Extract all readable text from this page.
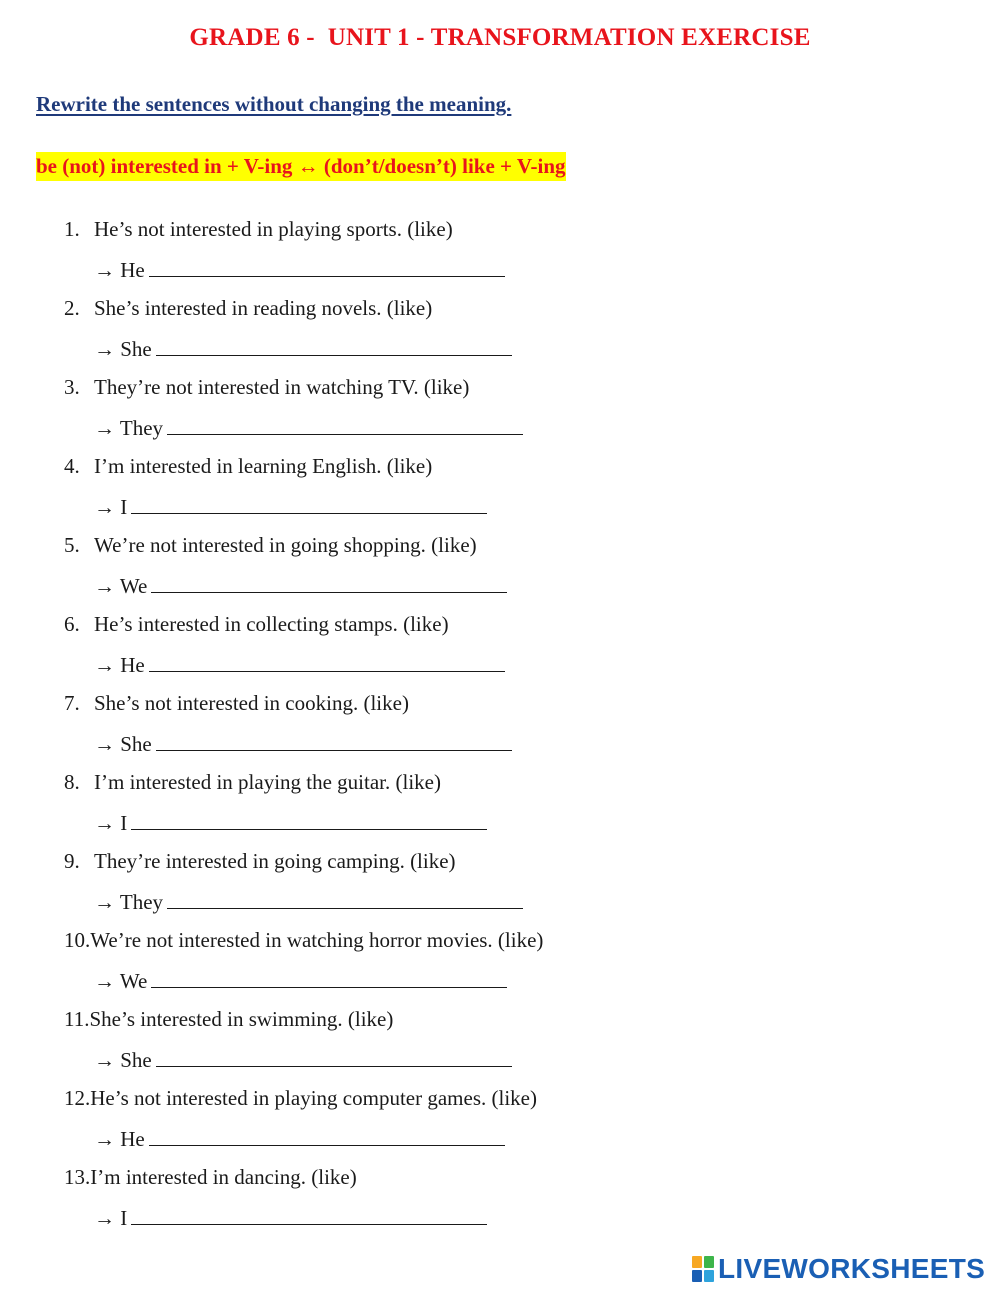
GRADE 6 -  UNIT 1 - TRANSFORMATION EXERCISE
Rewrite the sentences without changing the meaning.
be (not) interested in + V-ing ↔ (don’t/doesn’t) like + V-ing
1. He’s not interested in playing sports. (like)
→ He
2. She’s interested in reading novels. (like)
→ She
3. They’re not interested in watching TV. (like)
→ They
4. I’m interested in learning English. (like)
→ I
5. We’re not interested in going shopping. (like)
→ We
6. He’s interested in collecting stamps. (like)
→ He
7. She’s not interested in cooking. (like)
→ She
8. I’m interested in playing the guitar. (like)
→ I
9. They’re interested in going camping. (like)
→ They
10.We’re not interested in watching horror movies. (like)
→ We
11.She’s interested in swimming. (like)
→ She
12.He’s not interested in playing computer games. (like)
→ He
13.I’m interested in dancing. (like)
→ I
LIVEWORKSHEETS
